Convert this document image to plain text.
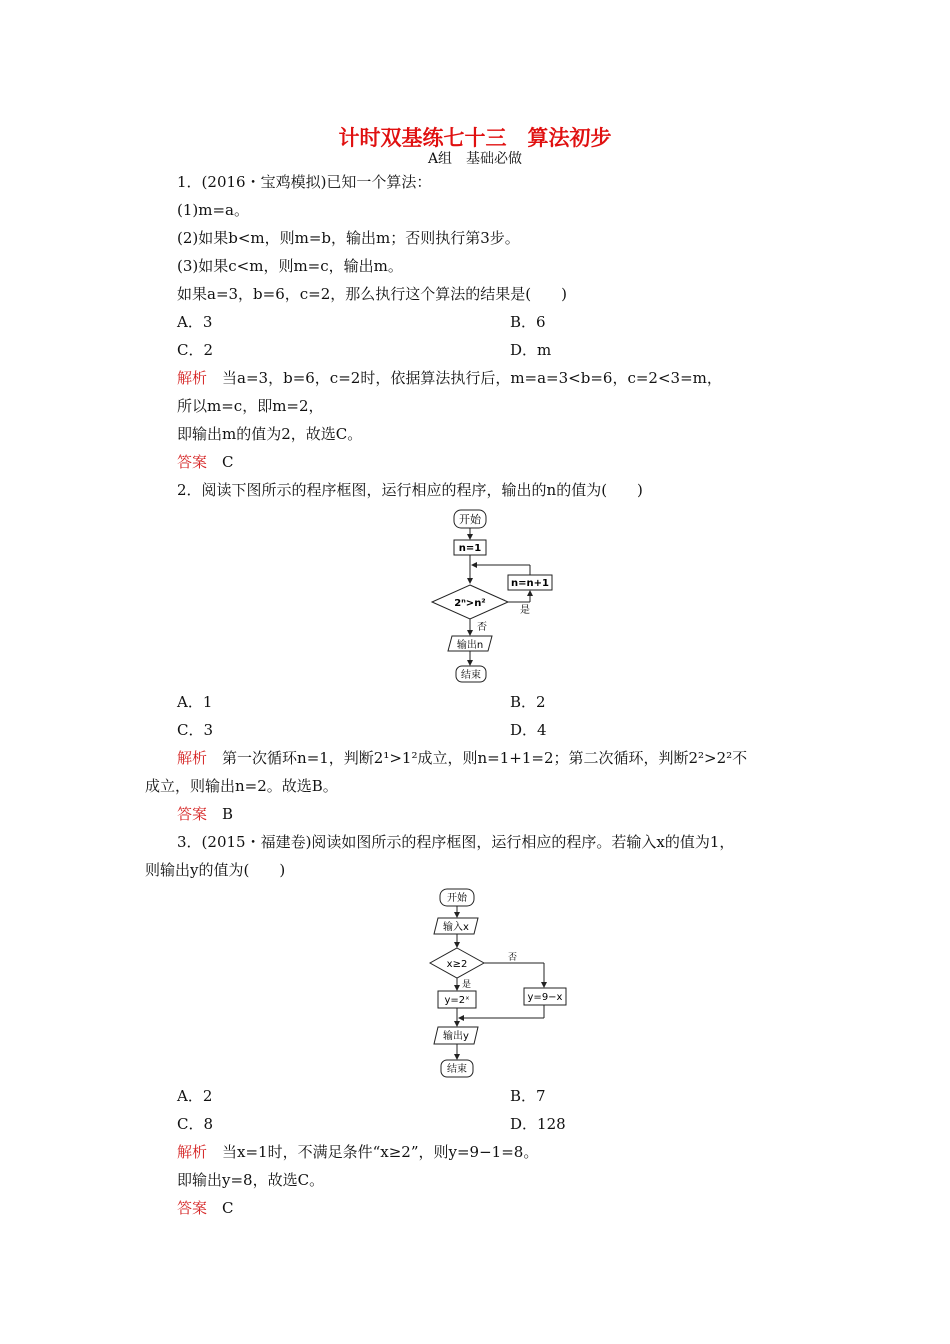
计时双基练七十三　算法初步
A组　基础必做
1．(2016・宝鸡模拟)已知一个算法：
(1)m=a。
(2)如果b<m，则m=b，输出m；否则执行第3步。
(3)如果c<m，则m=c，输出m。
如果a=3，b=6，c=2，那么执行这个算法的结果是(　　)
A．3	B．6
C．2	D．m
解析　 当a=3，b=6，c=2时，依据算法执行后，m=a=3<b=6，c=2<3=m，
所以m=c，即m=2，
即输出m的值为2，故选C。
答案　 C
2．阅读下图所示的程序框图，运行相应的程序，输出的n的值为(　　)
开始
n=1
2ⁿ>n²
是
n=n+1
否
输出n
结束
A．1	B．2
C．3	D．4
解析　 第一次循环n=1，判断2¹>1²成立，则n=1+1=2；第二次循环，判断2²>2²不
成立，则输出n=2。故选B。
答案　 B
3．(2015・福建卷)阅读如图所示的程序框图，运行相应的程序。若输入x的值为1，
则输出y的值为(　　)
开始
输入x
x≥2
否
y=9−x
是
y=2ˣ
输出y
结束
A．2	B．7
C．8	D．128
解析　 当x=1时，不满足条件“x≥2”，则y=9−1=8。
即输出y=8，故选C。
答案　 C
